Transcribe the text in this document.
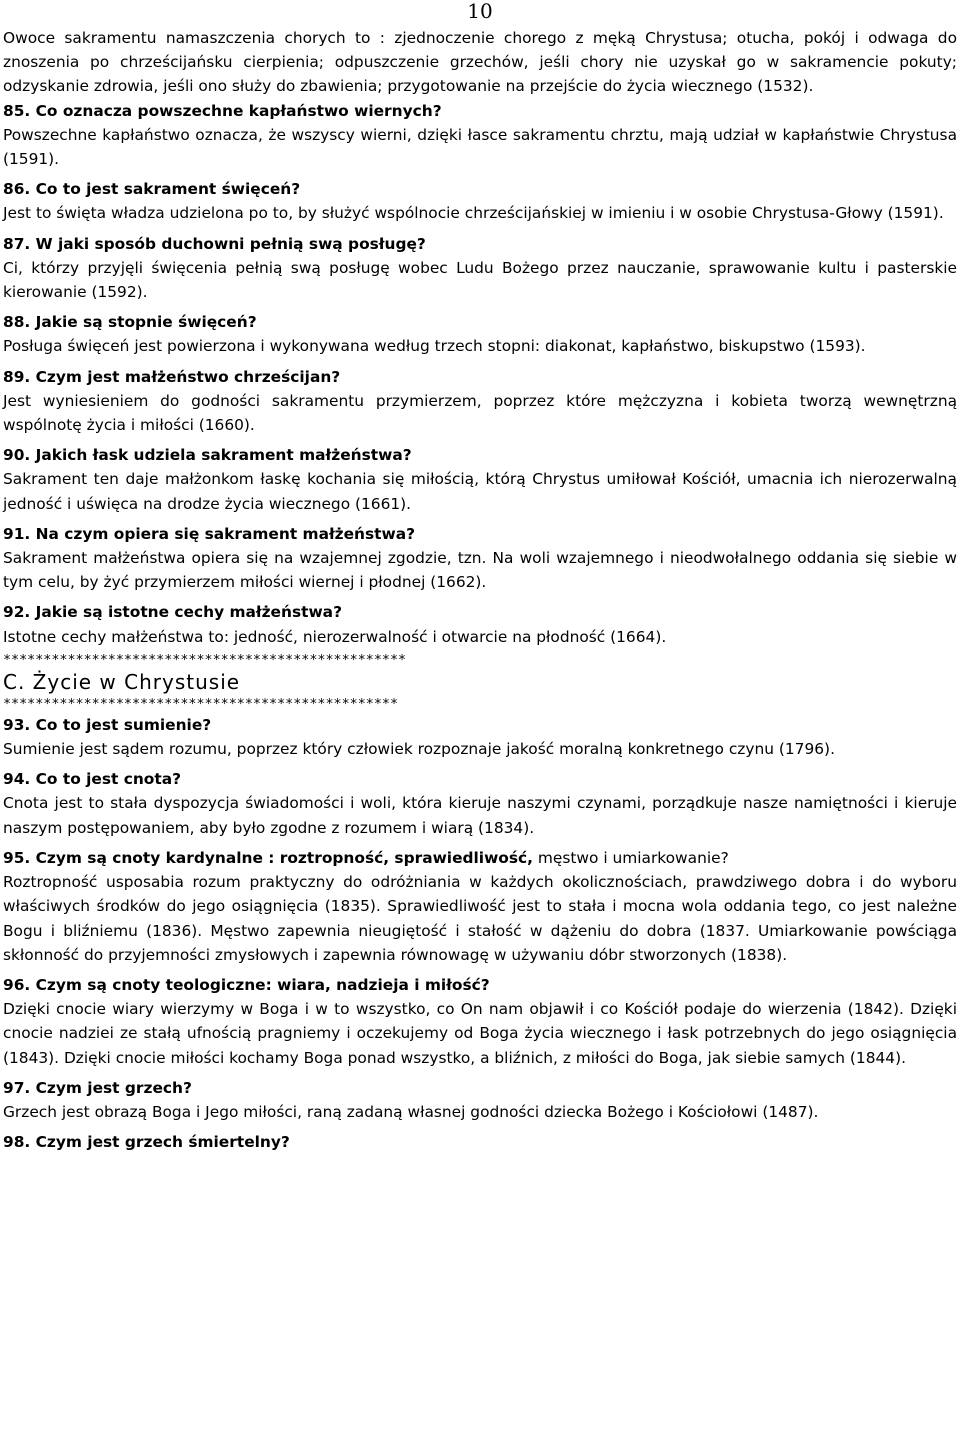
10

Owoce sakramentu namaszczenia chorych to : zjednoczenie chorego z męką Chrystusa; otucha, pokój i odwaga do znoszenia po chrześcijańsku cierpienia; odpuszczenie grzechów, jeśli chory nie uzyskał go w sakramencie pokuty; odzyskanie zdrowia, jeśli ono służy do zbawienia; przygotowanie na przejście do życia wiecznego (1532).

85. Co oznacza powszechne kapłaństwo wiernych?

Powszechne kapłaństwo oznacza, że wszyscy wierni, dzięki łasce sakramentu chrztu, mają udział w kapłaństwie Chrystusa (1591).

86. Co to jest sakrament święceń?

Jest to święta władza udzielona po to, by służyć wspólnocie chrześcijańskiej w imieniu i w osobie Chrystusa-Głowy (1591).

87. W jaki sposób duchowni pełnią swą posługę?

Ci, którzy przyjęli święcenia pełnią swą posługę wobec Ludu Bożego przez nauczanie, sprawowanie kultu i pasterskie kierowanie (1592).

88. Jakie są stopnie święceń?

Posługa święceń jest powierzona i wykonywana według trzech stopni: diakonat, kapłaństwo, biskupstwo (1593).

89. Czym jest małżeństwo chrześcijan?

Jest wyniesieniem do godności sakramentu przymierzem, poprzez które mężczyzna i kobieta tworzą wewnętrzną wspólnotę życia i miłości (1660).

90. Jakich łask udziela sakrament małżeństwa?

Sakrament ten daje małżonkom łaskę kochania się miłością, którą Chrystus umiłował Kościół, umacnia ich nierozerwalną jedność i uświęca na drodze życia wiecznego (1661).

91. Na czym opiera się sakrament małżeństwa?

Sakrament małżeństwa opiera się na wzajemnej zgodzie, tzn. Na woli wzajemnego i nieodwołalnego oddania się siebie w tym celu, by żyć przymierzem miłości wiernej i płodnej (1662).

92. Jakie są istotne cechy małżeństwa?

Istotne cechy małżeństwa to: jedność, nierozerwalność i otwarcie na płodność (1664).

**************************************************
C. Życie w Chrystusie
*************************************************

93. Co to jest sumienie?

Sumienie jest sądem rozumu, poprzez który człowiek rozpoznaje jakość moralną konkretnego czynu (1796).

94. Co to jest cnota?

Cnota jest to stała dyspozycja świadomości i woli, która kieruje naszymi czynami, porządkuje nasze namiętności i kieruje naszym postępowaniem, aby było zgodne z rozumem i wiarą (1834).

95. Czym są cnoty kardynalne : roztropność, sprawiedliwość, męstwo i umiarkowanie?

Roztropność usposabia rozum praktyczny do odróżniania w każdych okolicznościach, prawdziwego dobra i do wyboru właściwych środków do jego osiągnięcia (1835). Sprawiedliwość jest to stała i mocna wola oddania tego, co jest należne Bogu i bliźniemu (1836). Męstwo zapewnia nieugiętość i stałość w dążeniu do dobra (1837. Umiarkowanie powściąga skłonność do przyjemności zmysłowych i zapewnia równowagę w używaniu dóbr stworzonych (1838).

96. Czym są cnoty teologiczne: wiara, nadzieja i miłość?

Dzięki cnocie wiary wierzymy w Boga i w to wszystko, co On nam objawił i co Kościół podaje do wierzenia (1842). Dzięki cnocie nadziei ze stałą ufnością pragniemy i oczekujemy od Boga życia wiecznego i łask potrzebnych do jego osiągnięcia (1843). Dzięki cnocie miłości kochamy Boga ponad wszystko, a bliźnich, z miłości do Boga, jak siebie samych (1844).

97. Czym jest grzech?

Grzech jest obrazą Boga i Jego miłości, raną zadaną własnej godności dziecka Bożego i Kościołowi (1487).

98. Czym jest grzech śmiertelny?
